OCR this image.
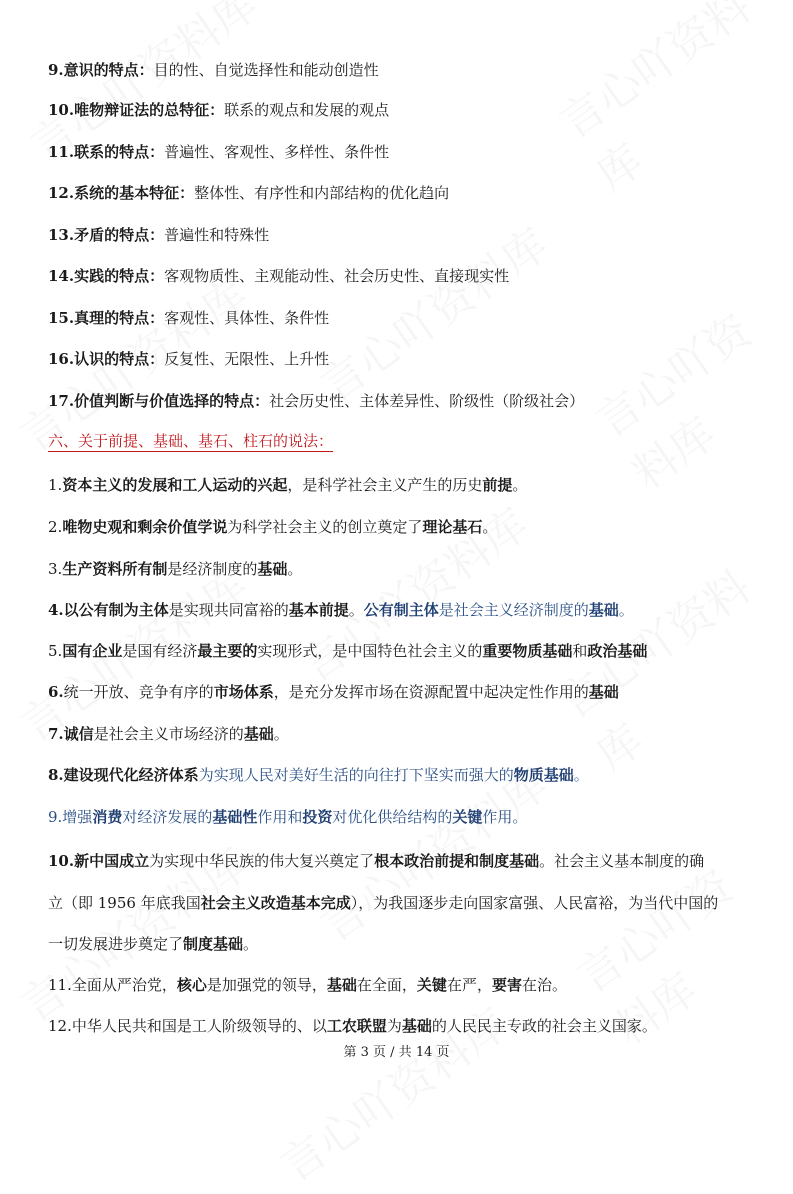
9.意识的特点：目的性、自觉选择性和能动创造性
10.唯物辩证法的总特征：联系的观点和发展的观点
11.联系的特点：普遍性、客观性、多样性、条件性
12.系统的基本特征：整体性、有序性和内部结构的优化趋向
13.矛盾的特点：普遍性和特殊性
14.实践的特点：客观物质性、主观能动性、社会历史性、直接现实性
15.真理的特点：客观性、具体性、条件性
16.认识的特点：反复性、无限性、上升性
17.价值判断与价值选择的特点：社会历史性、主体差异性、阶级性（阶级社会）
六、关于前提、基础、基石、柱石的说法：
1.资本主义的发展和工人运动的兴起，是科学社会主义产生的历史前提。
2.唯物史观和剩余价值学说为科学社会主义的创立奠定了理论基石。
3.生产资料所有制是经济制度的基础。
4.以公有制为主体是实现共同富裕的基本前提。公有制主体是社会主义经济制度的基础。
5.国有企业是国有经济最主要的实现形式，是中国特色社会主义的重要物质基础和政治基础
6.统一开放、竞争有序的市场体系，是充分发挥市场在资源配置中起决定性作用的基础
7.诚信是社会主义市场经济的基础。
8.建设现代化经济体系为实现人民对美好生活的向往打下坚实而强大的物质基础。
9.增强消费对经济发展的基础性作用和投资对优化供给结构的关键作用。
10.新中国成立为实现中华民族的伟大复兴奠定了根本政治前提和制度基础。社会主义基本制度的确
立（即 1956 年底我国社会主义改造基本完成），为我国逐步走向国家富强、人民富裕，为当代中国的
一切发展进步奠定了制度基础。
11.全面从严治党，核心是加强党的领导，基础在全面，关键在严，要害在治。
12.中华人民共和国是工人阶级领导的、以工农联盟为基础的人民民主专政的社会主义国家。
第 3 页 / 共 14 页
